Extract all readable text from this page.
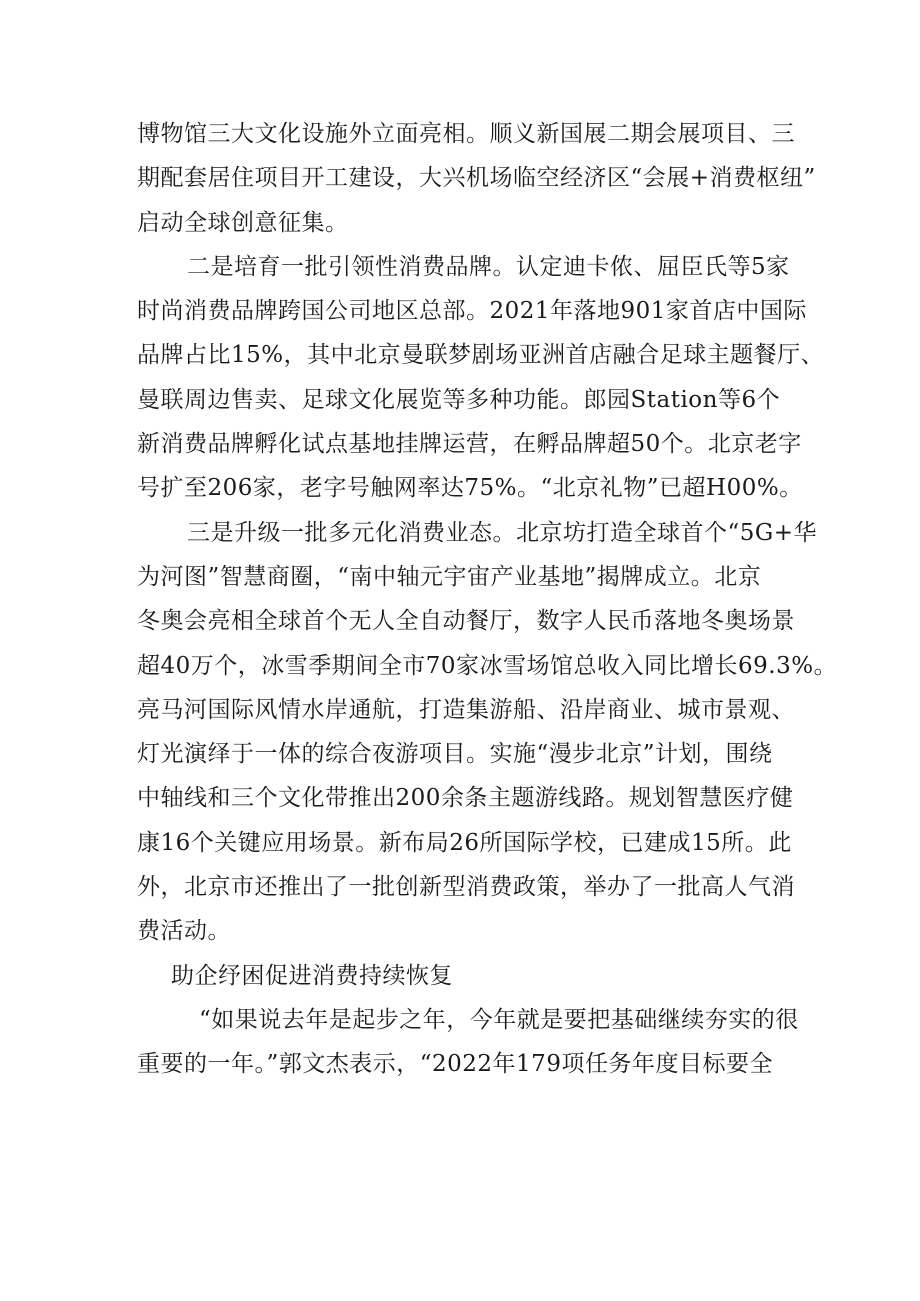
博物馆三大文化设施外立面亮相。顺义新国展二期会展项目、三
期配套居住项目开工建设，大兴机场临空经济区“会展+消费枢纽”
启动全球创意征集。
二是培育一批引领性消费品牌。认定迪卡侬、屈臣氏等5家
时尚消费品牌跨国公司地区总部。2021年落地901家首店中国际
品牌占比15%，其中北京曼联梦剧场亚洲首店融合足球主题餐厅、
曼联周边售卖、足球文化展览等多种功能。郎园Station等6个
新消费品牌孵化试点基地挂牌运营，在孵品牌超50个。北京老字
号扩至206家，老字号触网率达75%。“北京礼物”已超H00%。
三是升级一批多元化消费业态。北京坊打造全球首个“5G+华
为河图”智慧商圈，“南中轴元宇宙产业基地”揭牌成立。北京
冬奥会亮相全球首个无人全自动餐厅，数字人民币落地冬奥场景
超40万个，冰雪季期间全市70家冰雪场馆总收入同比增长69.3%。
亮马河国际风情水岸通航，打造集游船、沿岸商业、城市景观、
灯光演绎于一体的综合夜游项目。实施“漫步北京”计划，围绕
中轴线和三个文化带推出200余条主题游线路。规划智慧医疗健
康16个关键应用场景。新布局26所国际学校，已建成15所。此
外，北京市还推出了一批创新型消费政策，举办了一批高人气消
费活动。
助企纾困促进消费持续恢复
“如果说去年是起步之年，今年就是要把基础继续夯实的很
重要的一年。”郭文杰表示，“2022年179项任务年度目标要全
